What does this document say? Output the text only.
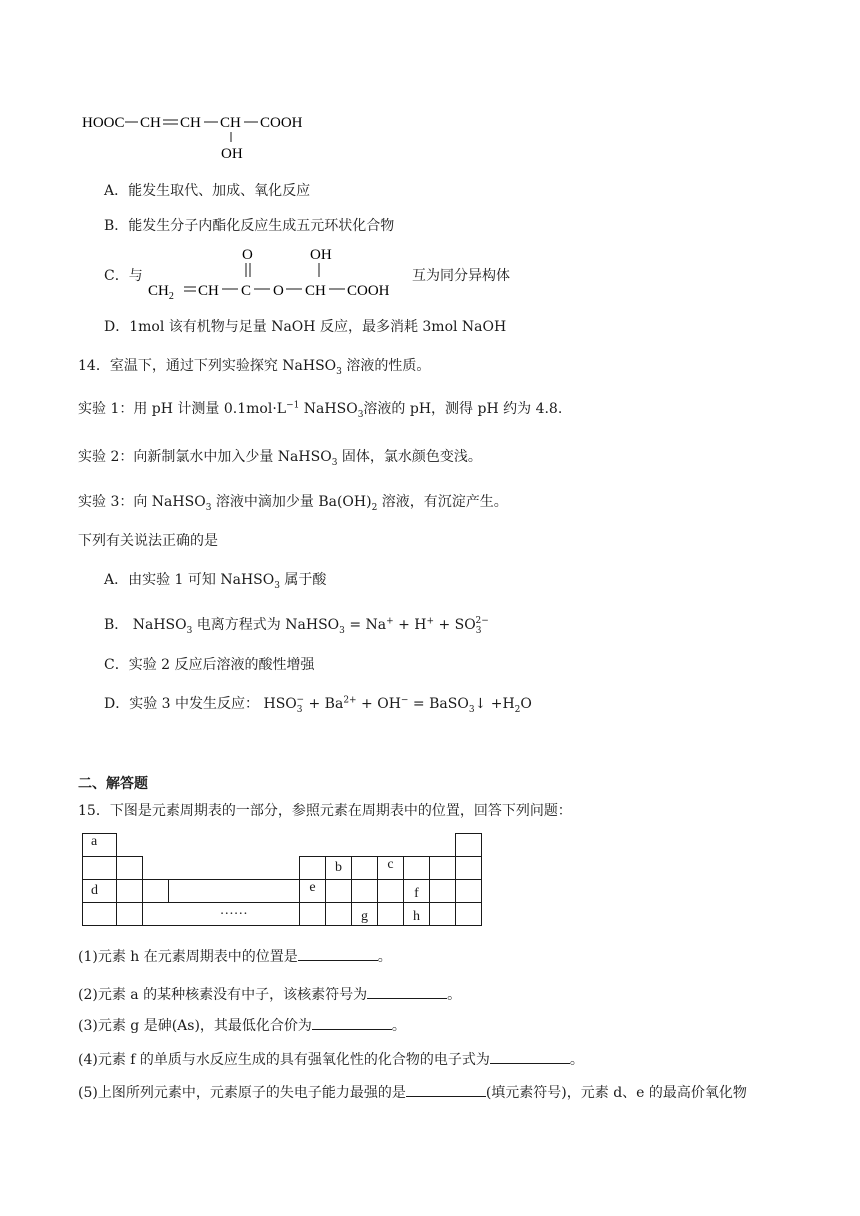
HOOC CH CH CH COOH
OH
A．能发生取代、加成、氧化反应
B．能发生分子内酯化反应生成五元环状化合物
C．与
O	OH
$CH_2$ CH C O CH COOH
互为同分异构体
D．1mol 该有机物与足量 NaOH 反应，最多消耗 3mol NaOH
14．室温下，通过下列实验探究 NaHSO$_3$ 溶液的性质。
实验 1：用 pH 计测量 $0.1mol\cdot L^{-1}$ NaHSO$_3$溶液的 pH，测得 pH 约为 4.8.
实验 2：向新制氯水中加入少量 NaHSO$_3$ 固体，氯水颜色变浅。
实验 3：向 NaHSO$_3$ 溶液中滴加少量 $Ba(OH)_2$ 溶液，有沉淀产生。
下列有关说法正确的是
A．由实验 1 可知 NaHSO$_3$ 属于酸
B． NaHSO$_3$ 电离方程式为 NaHSO$_3$ = $Na^+ + H^+ + SO_3^{2-}$
C．实验 2 反应后溶液的酸性增强
D．实验 3 中发生反应： $HSO_3^- + Ba^{2+} + OH^-$ = BaSO$_3$↓ $+H_2O$
二、解答题
15．下图是元素周期表的一部分，参照元素在周期表中的位置，回答下列问题：
a										
					b		c			
d				e				f		
			……			g		h		
(1)元素 h 在元素周期表中的位置是	。
(2)元素 a 的某种核素没有中子，该核素符号为	。
(3)元素 g 是砷(As)，其最低化合价为	。
(4)元素 f 的单质与水反应生成的具有强氧化性的化合物的电子式为	。
(5)上图所列元素中，元素原子的失电子能力最强的是	(填元素符号)，元素 d、e 的最高价氧化物
